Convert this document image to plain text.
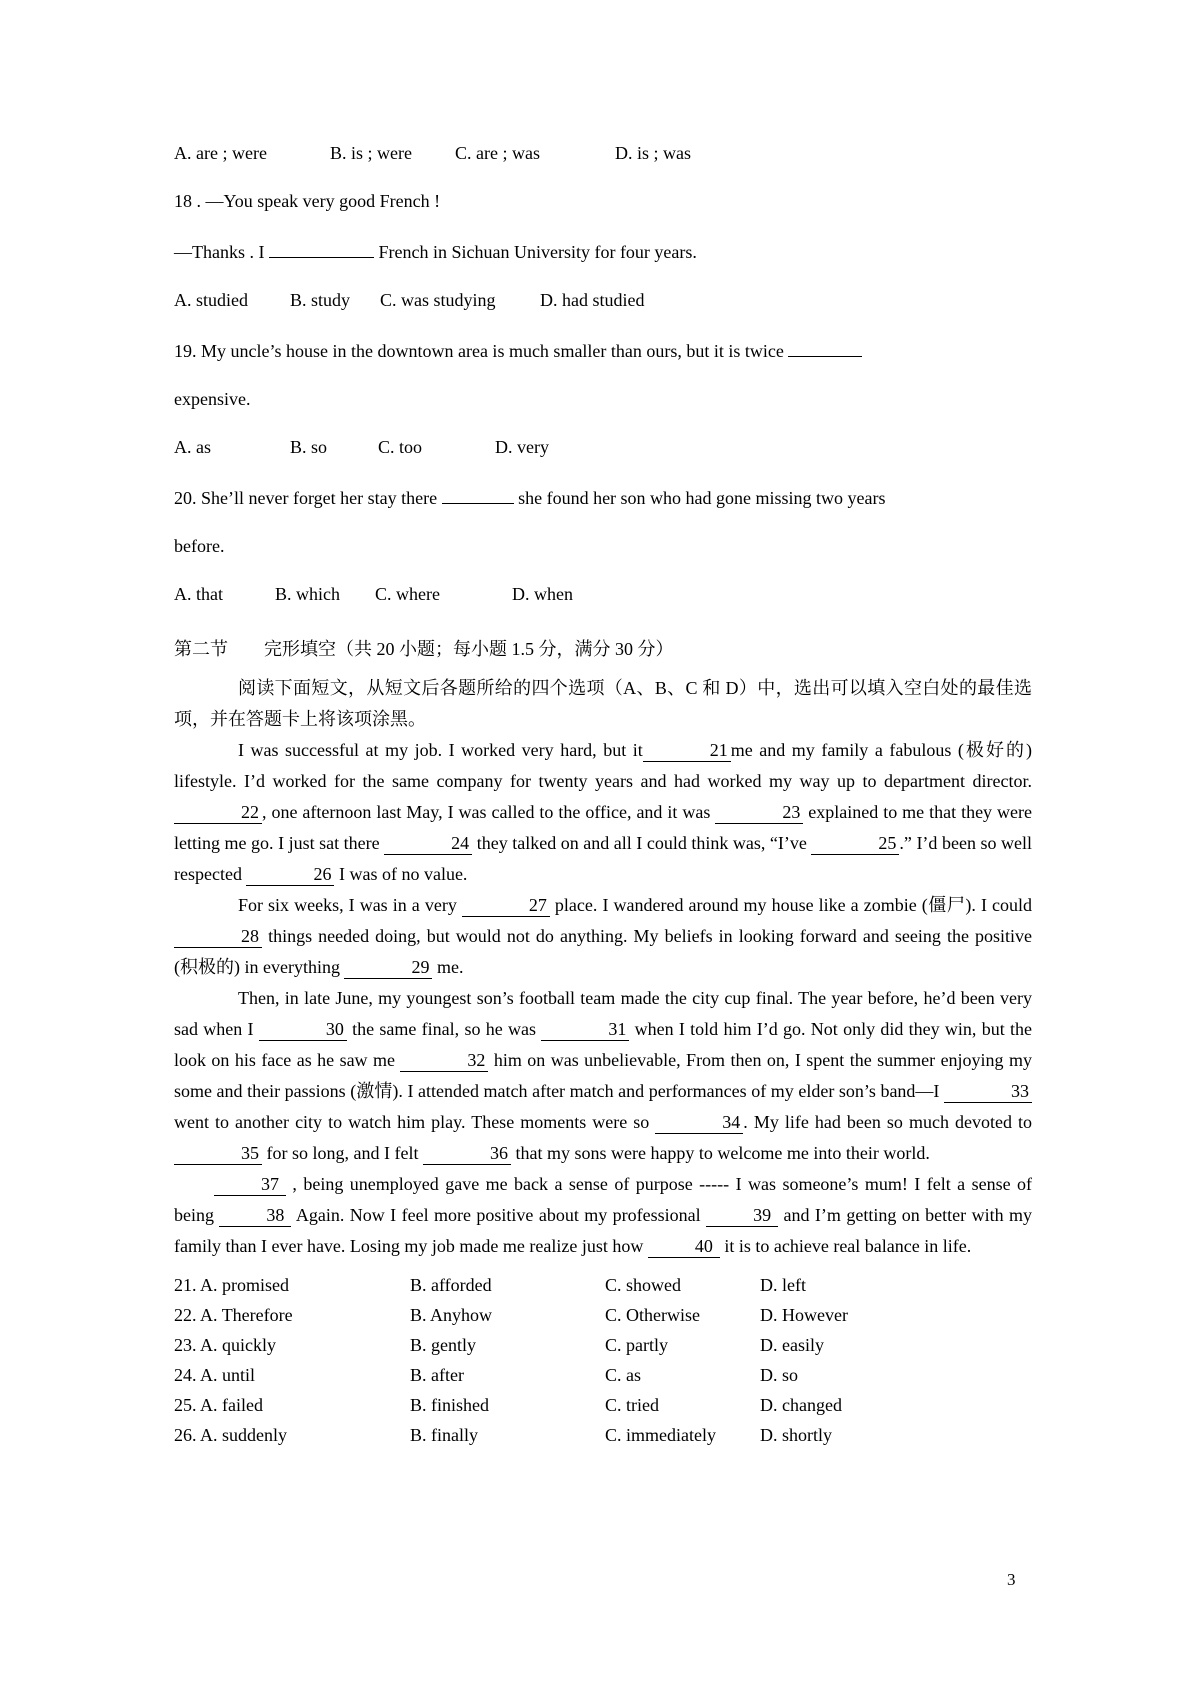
A. are ; were	B. is ; were	C. are ; was	D. is ; was

18 . —You speak very good French !

—Thanks . I	French in Sichuan University for four years.

A. studied	B. study	C. was studying	D. had studied

19. My uncle’s house in the downtown area is much smaller than ours, but it is twice

expensive.

A. as	B. so	C. too	D. very

20. She’ll never forget her stay there	she found her son who had gone missing two years

before.

A. that	B. which	C. where	D. when

第二节　　完形填空（共 20 小题；每小题 1.5 分，满分 30 分）

阅读下面短文，从短文后各题所给的四个选项（A、B、C 和 D）中，选出可以填入空白处的最佳选项，并在答题卡上将该项涂黑。

I was successful at my job. I worked very hard, but it	21 me and my family a fabulous (极好的) lifestyle. I’d worked for the same company for twenty years and had worked my way up to department director.22 , one afternoon last May, I was called to the office, and it was	23 explained to me that they were letting me go. I just sat there	24 they talked on and all I could think was, “I’ve	25 .” I’d been so well respected	26 I was of no value.

For six weeks, I was in a very	27 place. I wandered around my house like a zombie (僵尸). I could 28 things needed doing, but would not do anything. My beliefs in looking forward and seeing the positive (积极的) in everything	29 me.

Then, in late June, my youngest son’s football team made the city cup final. The year before, he’d been very sad when I	30 the same final, so he was	31 when I told him I’d go. Not only did they win, but the look on his face as he saw me	32 him on was unbelievable, From then on, I spent the summer enjoying my some and their passions (激情). I attended match after match and performances of my elder son’s band—I	33 went to another city to watch him play. These moments were so	34 . My life had been so much devoted to 35 for so long, and I felt	36 that my sons were happy to welcome me into their world.

37 , being unemployed gave me back a sense of purpose ----- I was someone’s mum! I felt a sense of being	38 Again. Now I feel more positive about my professional	39 and I’m getting on better with my family than I ever have. Losing my job made me realize just how	40 it is to achieve real balance in life.

21. A. promised	B. afforded	C. showed	D. left

22. A. Therefore	B. Anyhow	C. Otherwise	D. However

23. A. quickly	B. gently	C. partly	D. easily

24. A. until	B. after	C. as	D. so

25. A. failed	B. finished	C. tried	D. changed

26. A. suddenly	B. finally	C. immediately	D. shortly

3
